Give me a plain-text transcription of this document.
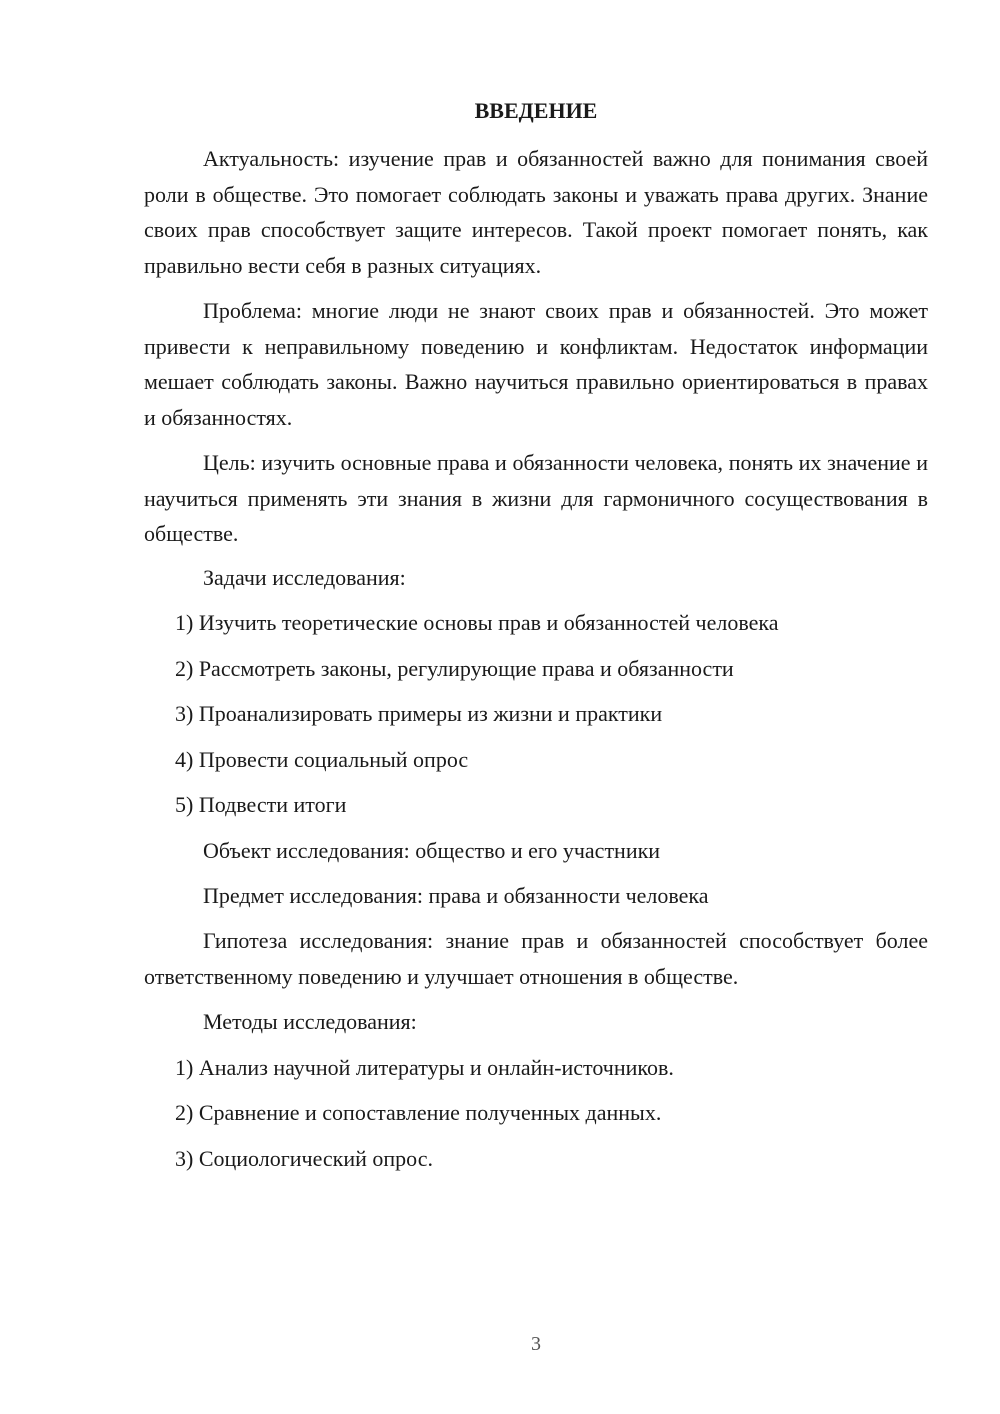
ВВЕДЕНИЕ

Актуальность: изучение прав и обязанностей важно для понимания своей роли в обществе. Это помогает соблюдать законы и уважать права других. Знание своих прав способствует защите интересов. Такой проект помогает понять, как правильно вести себя в разных ситуациях.

Проблема: многие люди не знают своих прав и обязанностей. Это может привести к неправильному поведению и конфликтам. Недостаток информации мешает соблюдать законы. Важно научиться правильно ориентироваться в правах и обязанностях.

Цель: изучить основные права и обязанности человека, понять их значение и научиться применять эти знания в жизни для гармоничного сосуществования в обществе.

Задачи исследования:
1) Изучить теоретические основы прав и обязанностей человека
2) Рассмотреть законы, регулирующие права и обязанности
3) Проанализировать примеры из жизни и практики
4) Провести социальный опрос
5) Подвести итоги
Объект исследования: общество и его участники
Предмет исследования: права и обязанности человека

Гипотеза исследования: знание прав и обязанностей способствует более ответственному поведению и улучшает отношения в обществе.

Методы исследования:
1) Анализ научной литературы и онлайн-источников.
2) Сравнение и сопоставление полученных данных.
3) Социологический опрос.
3
